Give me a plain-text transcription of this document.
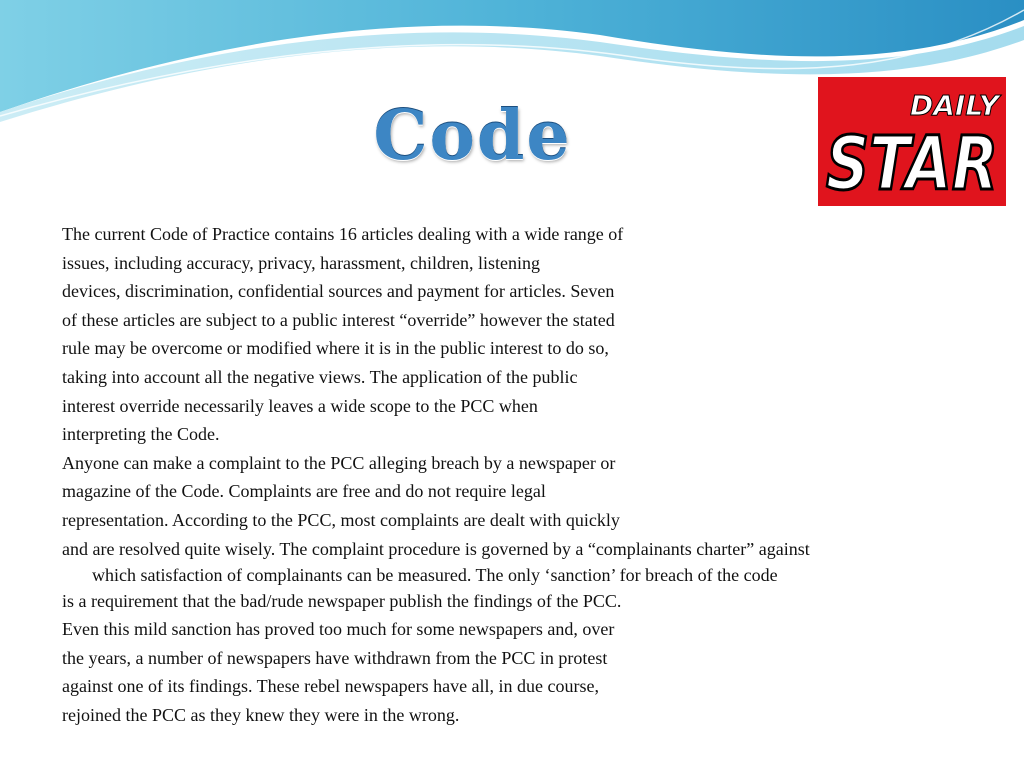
Code	DAILY
STAR
The current Code of Practice contains 16 articles dealing with a wide range of
issues, including accuracy, privacy, harassment, children, listening
devices, discrimination, confidential sources and payment for articles. Seven
of these articles are subject to a public interest “override” however the stated
rule may be overcome or modified where it is in the public interest to do so,
taking into account all the negative views. The application of the public
interest override necessarily leaves a wide scope to the PCC when
interpreting the Code.
Anyone can make a complaint to the PCC alleging breach by a newspaper or
magazine of the Code. Complaints are free and do not require legal
representation. According to the PCC, most complaints are dealt with quickly
and are resolved quite wisely. The complaint procedure is governed by a “complainants charter” against
which satisfaction of complainants can be measured. The only ‘sanction’ for breach of the code
is a requirement that the bad/rude newspaper publish the findings of the PCC.
Even this mild sanction has proved too much for some newspapers and, over
the years, a number of newspapers have withdrawn from the PCC in protest
against one of its findings. These rebel newspapers have all, in due course,
rejoined the PCC as they knew they were in the wrong.
